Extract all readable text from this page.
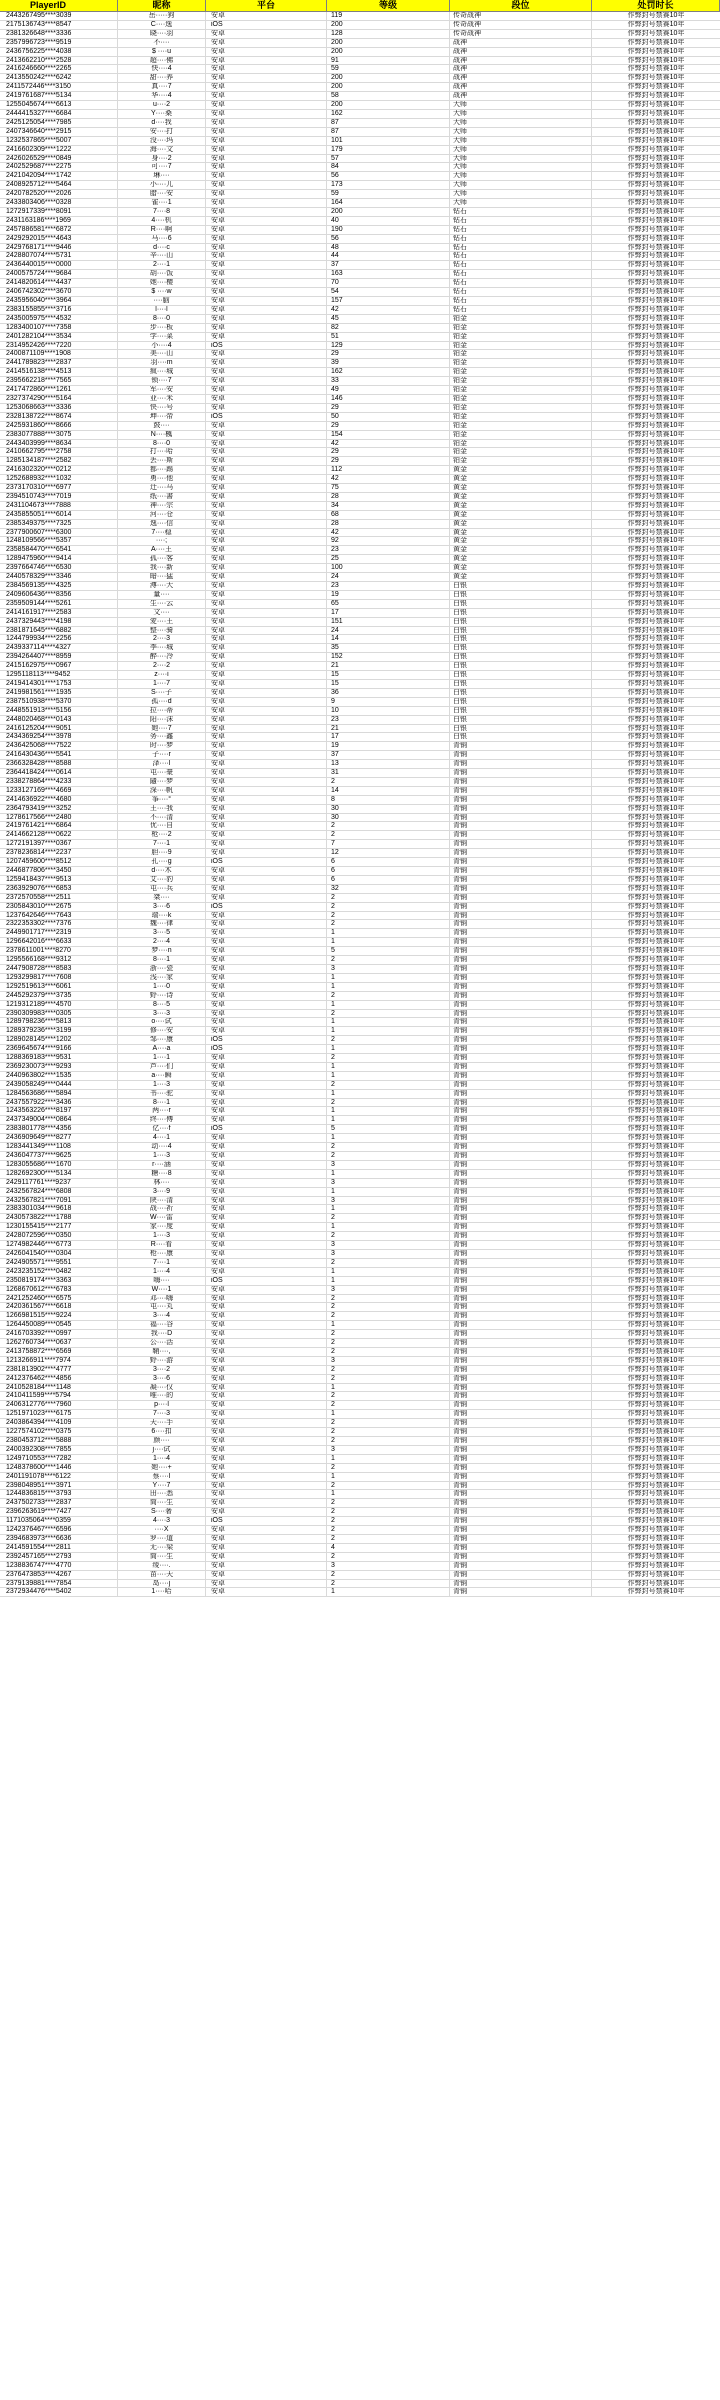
PlayerID	昵称	平台	等级	段位	处罚时长
2443267495****3039	岳·····狗	安卓	119	传奇战神	作弊封号禁赛10年
2175136743****8547	C····逸	iOS	200	传奇战神	作弊封号禁赛10年
2381326648****3336	晓····羽	安卓	128	传奇战神	作弊封号禁赛10年
2357996723****9519	不····	安卓	200	战神	作弊封号禁赛10年
2436756225****4038	$ ····u	安卓	200	战神	作弊封号禁赛10年
2413662210****2528	超····佛	安卓	91	战神	作弊封号禁赛10年
2416246660****2265	快····4	安卓	59	战神	作弊封号禁赛10年
2413550242****6242	甜····养	安卓	200	战神	作弊封号禁赛10年
2411572446****3150	真····7	安卓	200	战神	作弊封号禁赛10年
2419761687****5134	华····4	安卓	58	战神	作弊封号禁赛10年
1255045674****6613	u····2	安卓	200	大师	作弊封号禁赛10年
2444415327****6684	Y····桑	安卓	162	大师	作弊封号禁赛10年
2425125054****7985	d····我	安卓	87	大师	作弊封号禁赛10年
2407346640****2915	安····打	安卓	87	大师	作弊封号禁赛10年
1232537865****5007	没····玛	安卓	101	大师	作弊封号禁赛10年
2416602309****1222	海····文	安卓	179	大师	作弊封号禁赛10年
2426026529****0849	身····2	安卓	57	大师	作弊封号禁赛10年
2402529687****2275	可····7	安卓	84	大师	作弊封号禁赛10年
2421042094****1742	琳····	安卓	56	大师	作弊封号禁赛10年
2408925712****5464	小····儿	安卓	173	大师	作弊封号禁赛10年
2420782520****2026	腊····安	安卓	59	大师	作弊封号禁赛10年
2433803406****0328	雀····1	安卓	164	大师	作弊封号禁赛10年
1272917339****8091	7····8	安卓	200	钻石	作弊封号禁赛10年
2431163186****1969	4····机	安卓	40	钻石	作弊封号禁赛10年
2457886581****6872	R····啊	安卓	190	钻石	作弊封号禁赛10年
2429292015****4643	马····6	安卓	56	钻石	作弊封号禁赛10年
2429768171****9446	d····c	安卓	48	钻石	作弊封号禁赛10年
2428807074****5731	辛····山	安卓	44	钻石	作弊封号禁赛10年
2436440015****0000	2····1	安卓	37	钻石	作弊封号禁赛10年
2400575724****9684	胡····饭	安卓	163	钻石	作弊封号禁赛10年
2414820614****4437	她····樱	安卓	70	钻石	作弊封号禁赛10年
2406742302****3670	$ ····w	安卓	54	钻石	作弊封号禁赛10年
2435956040****3964	····脑	安卓	157	钻石	作弊封号禁赛10年
2383155855****3716	l····l	安卓	42	钻石	作弊封号禁赛10年
2435005975****4532	8····0	安卓	45	铂金	作弊封号禁赛10年
1283400107****7358	步····板	安卓	82	铂金	作弊封号禁赛10年
2401282104****3534	学····菜	安卓	51	铂金	作弊封号禁赛10年
2314952426****7220	小····4	iOS	129	铂金	作弊封号禁赛10年
2400871109****1908	美····山	安卓	29	铂金	作弊封号禁赛10年
2441789823****2837	羽····m	安卓	39	铂金	作弊封号禁赛10年
2414516138****4513	疯····城	安卓	162	铂金	作弊封号禁赛10年
2395662218****7565	锁····7	安卓	33	铂金	作弊封号禁赛10年
2417472860****1261	军····安	安卓	49	铂金	作弊封号禁赛10年
2327374290****5164	业····米	安卓	146	铂金	作弊封号禁赛10年
1253068663****3336	快····号	安卓	29	铂金	作弊封号禁赛10年
2328138722****8674	坤····帝	iOS	50	铂金	作弊封号禁赛10年
2425931860****8666	鼓····	安卓	29	铂金	作弊封号禁赛10年
2383077888****3075	N····楓	安卓	154	铂金	作弊封号禁赛10年
2443403999****8634	8····0	安卓	42	铂金	作弊封号禁赛10年
2410662795****2758	打····哈	安卓	29	铂金	作弊封号禁赛10年
1285134187****2582	丢····斯	安卓	29	铂金	作弊封号禁赛10年
2416302320****0212	都····踢	安卓	112	黄金	作弊封号禁赛10年
1252688932****1032	勇····他	安卓	42	黄金	作弊封号禁赛10年
2373170310****6977	迁····马	安卓	75	黄金	作弊封号禁赛10年
2394510743****7019	纸····書	安卓	28	黄金	作弊封号禁赛10年
2431104673****7888	神····宗	安卓	34	黄金	作弊封号禁赛10年
2435855051****6014	河····仓	安卓	68	黄金	作弊封号禁赛10年
2385349375****7325	逸····信	安卓	28	黄金	作弊封号禁赛10年
2377900607****6300	7····稳	安卓	42	黄金	作弊封号禁赛10年
1248109566****5357	····;	安卓	92	黄金	作弊封号禁赛10年
2358584470****6541	A····王	安卓	23	黄金	作弊封号禁赛10年
1289475960****9414	孤····客	安卓	25	黄金	作弊封号禁赛10年
2397664746****6530	我····新	安卓	100	黄金	作弊封号禁赛10年
2440578329****3346	暗····猛	安卓	24	黄金	作弊封号禁赛10年
2384569135****4325	溥····大	安卓	23	白银	作弊封号禁赛10年
2409606436****8356	量····	安卓	19	白银	作弊封号禁赛10年
2359509144****5261	生····云	安卓	65	白银	作弊封号禁赛10年
2414161917****2583	文····	安卓	17	白银	作弊封号禁赛10年
2437329443****4198	愛····王	安卓	151	白银	作弊封号禁赛10年
2381871645****6882	整····骑	安卓	24	白银	作弊封号禁赛10年
1244799934****2256	2····3	安卓	14	白银	作弊封号禁赛10年
2439337114****4327	李····城	安卓	35	白银	作弊封号禁赛10年
2394264407****8959	醉····冷	安卓	152	白银	作弊封号禁赛10年
2415162975****0967	2····2	安卓	21	白银	作弊封号禁赛10年
1295118113****9452	z····i	安卓	15	白银	作弊封号禁赛10年
2419414301****1753	1····7	安卓	15	白银	作弊封号禁赛10年
2419981561****1935	S····子	安卓	36	白银	作弊封号禁赛10年
2387510938****5370	孤····d	安卓	9	白银	作弊封号禁赛10年
2448551913****5156	拉····蒂	安卓	10	白银	作弊封号禁赛10年
2448020468****0143	阳····沫	安卓	23	白银	作弊封号禁赛10年
2416125204****9051	她····7	安卓	21	白银	作弊封号禁赛10年
2434369254****3978	务····鑫	安卓	17	白银	作弊封号禁赛10年
2436425068****7522	时····梦	安卓	19	青铜	作弊封号禁赛10年
2416430436****5541	子····r	安卓	37	青铜	作弊封号禁赛10年
2366328428****8588	泽····l	安卓	13	青铜	作弊封号禁赛10年
2364418424****0614	屯····豪	安卓	31	青铜	作弊封号禁赛10年
2338278864****4233	隨····梦	安卓	2	青铜	作弊封号禁赛10年
1233127169****4669	深····帆	安卓	14	青铜	作弊封号禁赛10年
2414636922****4680	筝····°	安卓	8	青铜	作弊封号禁赛10年
2364793419****3252	王····我	安卓	30	青铜	作弊封号禁赛10年
1278617566****2480	不····清	安卓	30	青铜	作弊封号禁赛10年
2419761421****6864	优····自	安卓	2	青铜	作弊封号禁赛10年
2414662128****0622	枪····2	安卓	2	青铜	作弊封号禁赛10年
1272191397****0367	7····1	安卓	7	青铜	作弊封号禁赛10年
2378236814****2237	胆····9	安卓	12	青铜	作弊封号禁赛10年
1207459600****8512	孔····g	iOS	6	青铜	作弊封号禁赛10年
2446877806****3450	d····木	安卓	6	青铜	作弊封号禁赛10年
1259418437****9513	艾····豹	安卓	6	青铜	作弊封号禁赛10年
2363929076****6853	屯····兵	安卓	32	青铜	作弊封号禁赛10年
2372570558****2511	桀····	安卓	2	青铜	作弊封号禁赛10年
2305843010****2675	3····6	iOS	2	青铜	作弊封号禁赛10年
1237642646****7643	瑞····k	安卓	2	青铜	作弊封号禁赛10年
2322353302****7376	魏····律	安卓	2	青铜	作弊封号禁赛10年
2449901717****2319	3····5	安卓	1	青铜	作弊封号禁赛10年
1296642016****6633	2····4	安卓	1	青铜	作弊封号禁赛10年
2378611001****8270	梦····n	安卓	5	青铜	作弊封号禁赛10年
1295566168****9312	8····1	安卓	2	青铜	作弊封号禁赛10年
2447908728****8583	浙····瓷	安卓	3	青铜	作弊封号禁赛10年
1293299817****7608	浅····家	安卓	1	青铜	作弊封号禁赛10年
1292519613****6061	1····0	安卓	1	青铜	作弊封号禁赛10年
2445292379****3735	野····诗	安卓	2	青铜	作弊封号禁赛10年
1219312189****4570	8····5	安卓	1	青铜	作弊封号禁赛10年
2390309983****0305	3····3	安卓	2	青铜	作弊封号禁赛10年
1289798236****5813	o····试	安卓	1	青铜	作弊封号禁赛10年
1289379236****3199	修····安	安卓	1	青铜	作弊封号禁赛10年
1289028145****1202	邹····康	iOS	2	青铜	作弊封号禁赛10年
2369645674****9166	A····a	iOS	1	青铜	作弊封号禁赛10年
1288369183****9531	1····1	安卓	2	青铜	作弊封号禁赛10年
2369230073****9293	芦····们	安卓	1	青铜	作弊封号禁赛10年
2440963802****1535	a····瞬	安卓	1	青铜	作弊封号禁赛10年
2439058249****0444	1····3	安卓	2	青铜	作弊封号禁赛10年
1284563686****5894	书····驼	安卓	1	青铜	作弊封号禁赛10年
2437557922****3436	8····1	安卓	2	青铜	作弊封号禁赛10年
1243563226****8197	两····r	安卓	1	青铜	作弊封号禁赛10年
2437349004****0864	终····傅	安卓	1	青铜	作弊封号禁赛10年
2383801778****4356	亿····f	iOS	5	青铜	作弊封号禁赛10年
2436909649****8277	4····1	安卓	1	青铜	作弊封号禁赛10年
1283441349****1108	动····4	安卓	2	青铜	作弊封号禁赛10年
2436047737****9625	1····3	安卓	2	青铜	作弊封号禁赛10年
1283055686****1670	r····涵	安卓	3	青铜	作弊封号禁赛10年
1282692300****5134	糖····8	安卓	1	青铜	作弊封号禁赛10年
2429117761****9237	林····	安卓	3	青铜	作弊封号禁赛10年
2432567824****6808	3····9	安卓	1	青铜	作弊封号禁赛10年
2432567821****7091	陕····清	安卓	3	青铜	作弊封号禁赛10年
2383301034****9618	战····祈	安卓	1	青铜	作弊封号禁赛10年
2430573822****1788	W····雷	安卓	2	青铜	作弊封号禁赛10年
1230155415****2177	家····度	安卓	1	青铜	作弊封号禁赛10年
2428072596****0350	1····3	安卓	2	青铜	作弊封号禁赛10年
1274982446****6773	R····看	安卓	3	青铜	作弊封号禁赛10年
2426041540****0304	枪····康	安卓	3	青铜	作弊封号禁赛10年
2424905571****9551	7····1	安卓	2	青铜	作弊封号禁赛10年
2423235152****0482	1····4	安卓	1	青铜	作弊封号禁赛10年
2350819174****3363	嗨····	iOS	1	青铜	作弊封号禁赛10年
1268670612****6783	W····1	安卓	3	青铜	作弊封号禁赛10年
2421252460****6575	邓····嗨	安卓	2	青铜	作弊封号禁赛10年
2420361567****6618	屯····丸	安卓	2	青铜	作弊封号禁赛10年
1266981515****9224	3····4	安卓	2	青铜	作弊封号禁赛10年
1264450089****0545	福····谷	安卓	1	青铜	作弊封号禁赛10年
2416703392****0997	我····D	安卓	2	青铜	作弊封号禁赛10年
1262760734****0637	公····活	安卓	2	青铜	作弊封号禁赛10年
2413758872****6569	鞘····,	安卓	2	青铜	作弊封号禁赛10年
1213266911****7974	野····游	安卓	3	青铜	作弊封号禁赛10年
2381813902****4777	3····2	安卓	2	青铜	作弊封号禁赛10年
2412376462****4856	3····6	安卓	2	青铜	作弊封号禁赛10年
2410528184****1148	凝····仅	安卓	1	青铜	作弊封号禁赛10年
2410411599****5794	唯····的	安卓	2	青铜	作弊封号禁赛10年
2406312776****7960	p····l	安卓	2	青铜	作弊封号禁赛10年
1251971023****6175	7····3	安卓	1	青铜	作弊封号禁赛10年
2403864394****4109	天····手	安卓	2	青铜	作弊封号禁赛10年
1227574102****0375	6····扣	安卓	2	青铜	作弊封号禁赛10年
2380453712****5888	颜····	安卓	2	青铜	作弊封号禁赛10年
2400392308****7855	j····试	安卓	3	青铜	作弊封号禁赛10年
1249710553****7282	1····4	安卓	1	青铜	作弊封号禁赛10年
1248378600****1446	她····+	安卓	2	青铜	作弊封号禁赛10年
2401191078****6122	蔡····l	安卓	1	青铜	作弊封号禁赛10年
2398048951****3971	Y····7	安卓	2	青铜	作弊封号禁赛10年
1244836815****3793	田····悉	安卓	1	青铜	作弊封号禁赛10年
2437502733****2837	简····生	安卓	2	青铜	作弊封号禁赛10年
2396263619****7427	S····奢	安卓	2	青铜	作弊封号禁赛10年
1171035064****0359	4····3	iOS	2	青铜	作弊封号禁赛10年
1242376467****6596	····X	安卓	2	青铜	作弊封号禁赛10年
2394683973****6636	罗····道	安卓	2	青铜	作弊封号禁赛10年
2414591554****2811	无····梁	安卓	4	青铜	作弊封号禁赛10年
2392457165****2793	简····生	安卓	2	青铜	作弊封号禁赛10年
1238836747****4770	绫····.	安卓	3	青铜	作弊封号禁赛10年
2376473853****4267	苗····天	安卓	2	青铜	作弊封号禁赛10年
2379139881****7854	岛····j	安卓	2	青铜	作弊封号禁赛10年
2372934476****5402	1····哈	安卓	1	青铜	作弊封号禁赛10年
